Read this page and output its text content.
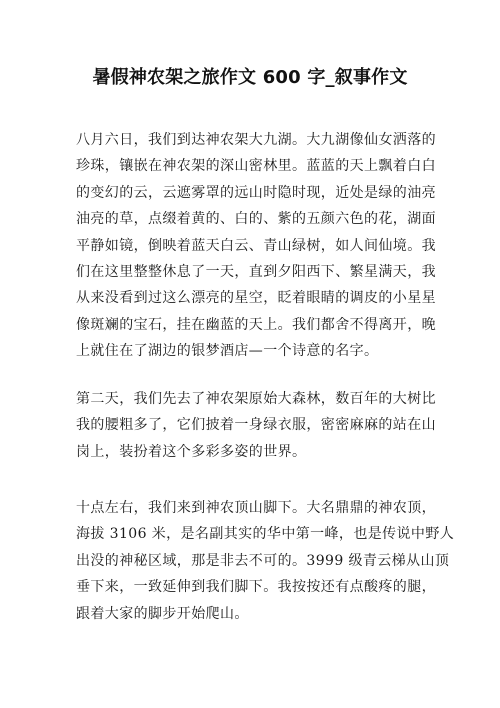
暑假神农架之旅作文 600 字_叙事作文
八月六日，我们到达神农架大九湖。大九湖像仙女洒落的
珍珠，镶嵌在神农架的深山密林里。蓝蓝的天上飘着白白
的变幻的云，云遮雾罩的远山时隐时现，近处是绿的油亮
油亮的草，点缀着黄的、白的、紫的五颜六色的花，湖面
平静如镜，倒映着蓝天白云、青山绿树，如人间仙境。我
们在这里整整休息了一天，直到夕阳西下、繁星满天，我
从来没看到过这么漂亮的星空，眨着眼睛的调皮的小星星
像斑斓的宝石，挂在幽蓝的天上。我们都舍不得离开，晚
上就住在了湖边的银梦酒店—一个诗意的名字。
第二天，我们先去了神农架原始大森林，数百年的大树比
我的腰粗多了，它们披着一身绿衣服，密密麻麻的站在山
岗上，装扮着这个多彩多姿的世界。
十点左右，我们来到神农顶山脚下。大名鼎鼎的神农顶，
海拔 3106 米，是名副其实的华中第一峰，也是传说中野人
出没的神秘区域，那是非去不可的。3999 级青云梯从山顶
垂下来，一致延伸到我们脚下。我按按还有点酸疼的腿，
跟着大家的脚步开始爬山。
